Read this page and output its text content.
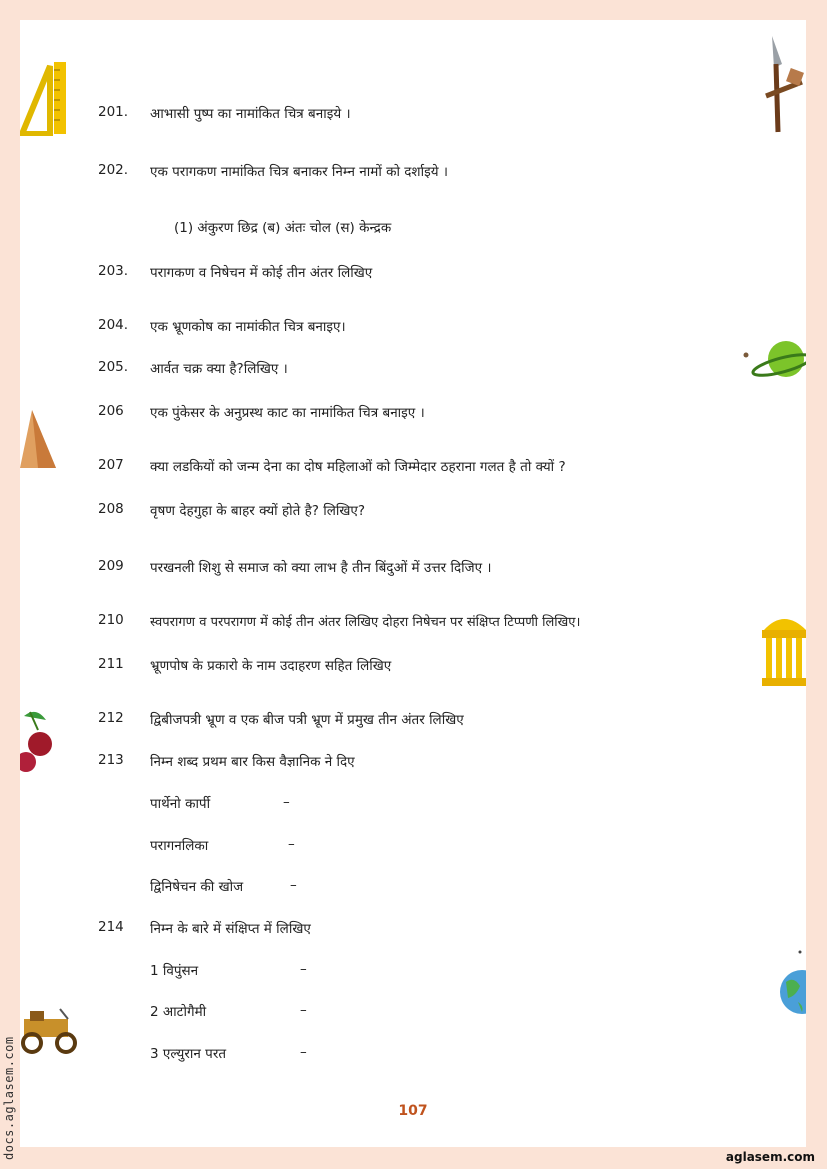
201.	आभासी पुष्प का नामांकित चित्र बनाइये ।
202.	एक परागकण नामांकित चित्र बनाकर निम्न नामों को दर्शाइये ।
(1) अंकुरण छिद्र (ब) अंतः चोल (स) केन्द्रक
203.	परागकण व निषेचन में कोई तीन अंतर लिखिए
204.	एक भ्रूणकोष का नामांकीत चित्र बनाइए।
205.	आर्वत चक्र क्या है?लिखिए ।
206	एक पुंकेसर के अनुप्रस्थ काट का नामांकित चित्र बनाइए ।
207	क्या लडकियों को जन्म देना का दोष महिलाओं को जिम्मेदार ठहराना गलत है तो क्यों ?
208	वृषण देहगुहा के बाहर क्यों होते है? लिखिए?
209	परखनली शिशु से समाज को क्या लाभ है तीन बिंदुओं में उत्तर दिजिए ।
210	स्वपरागण व परपरागण में कोई तीन अंतर लिखिए दोहरा निषेचन पर संक्षिप्त टिप्पणी लिखिए।
211	भ्रूणपोष के प्रकारो के नाम उदाहरण सहित लिखिए
212	द्विबीजपत्री भ्रूण व एक बीज पत्री भ्रूण में प्रमुख तीन अंतर लिखिए
213	निम्न शब्द प्रथम बार किस वैज्ञानिक ने दिए
पार्थेनो कार्पी	–
परागनलिका	–
द्विनिषेचन की खोज	–
214	निम्न के बारे में संक्षिप्त में लिखिए
1 विपुंसन	–
2 आटोगैमी	–
3 एल्युरान परत	–
107
docs.aglasem.com	aglasem.com
